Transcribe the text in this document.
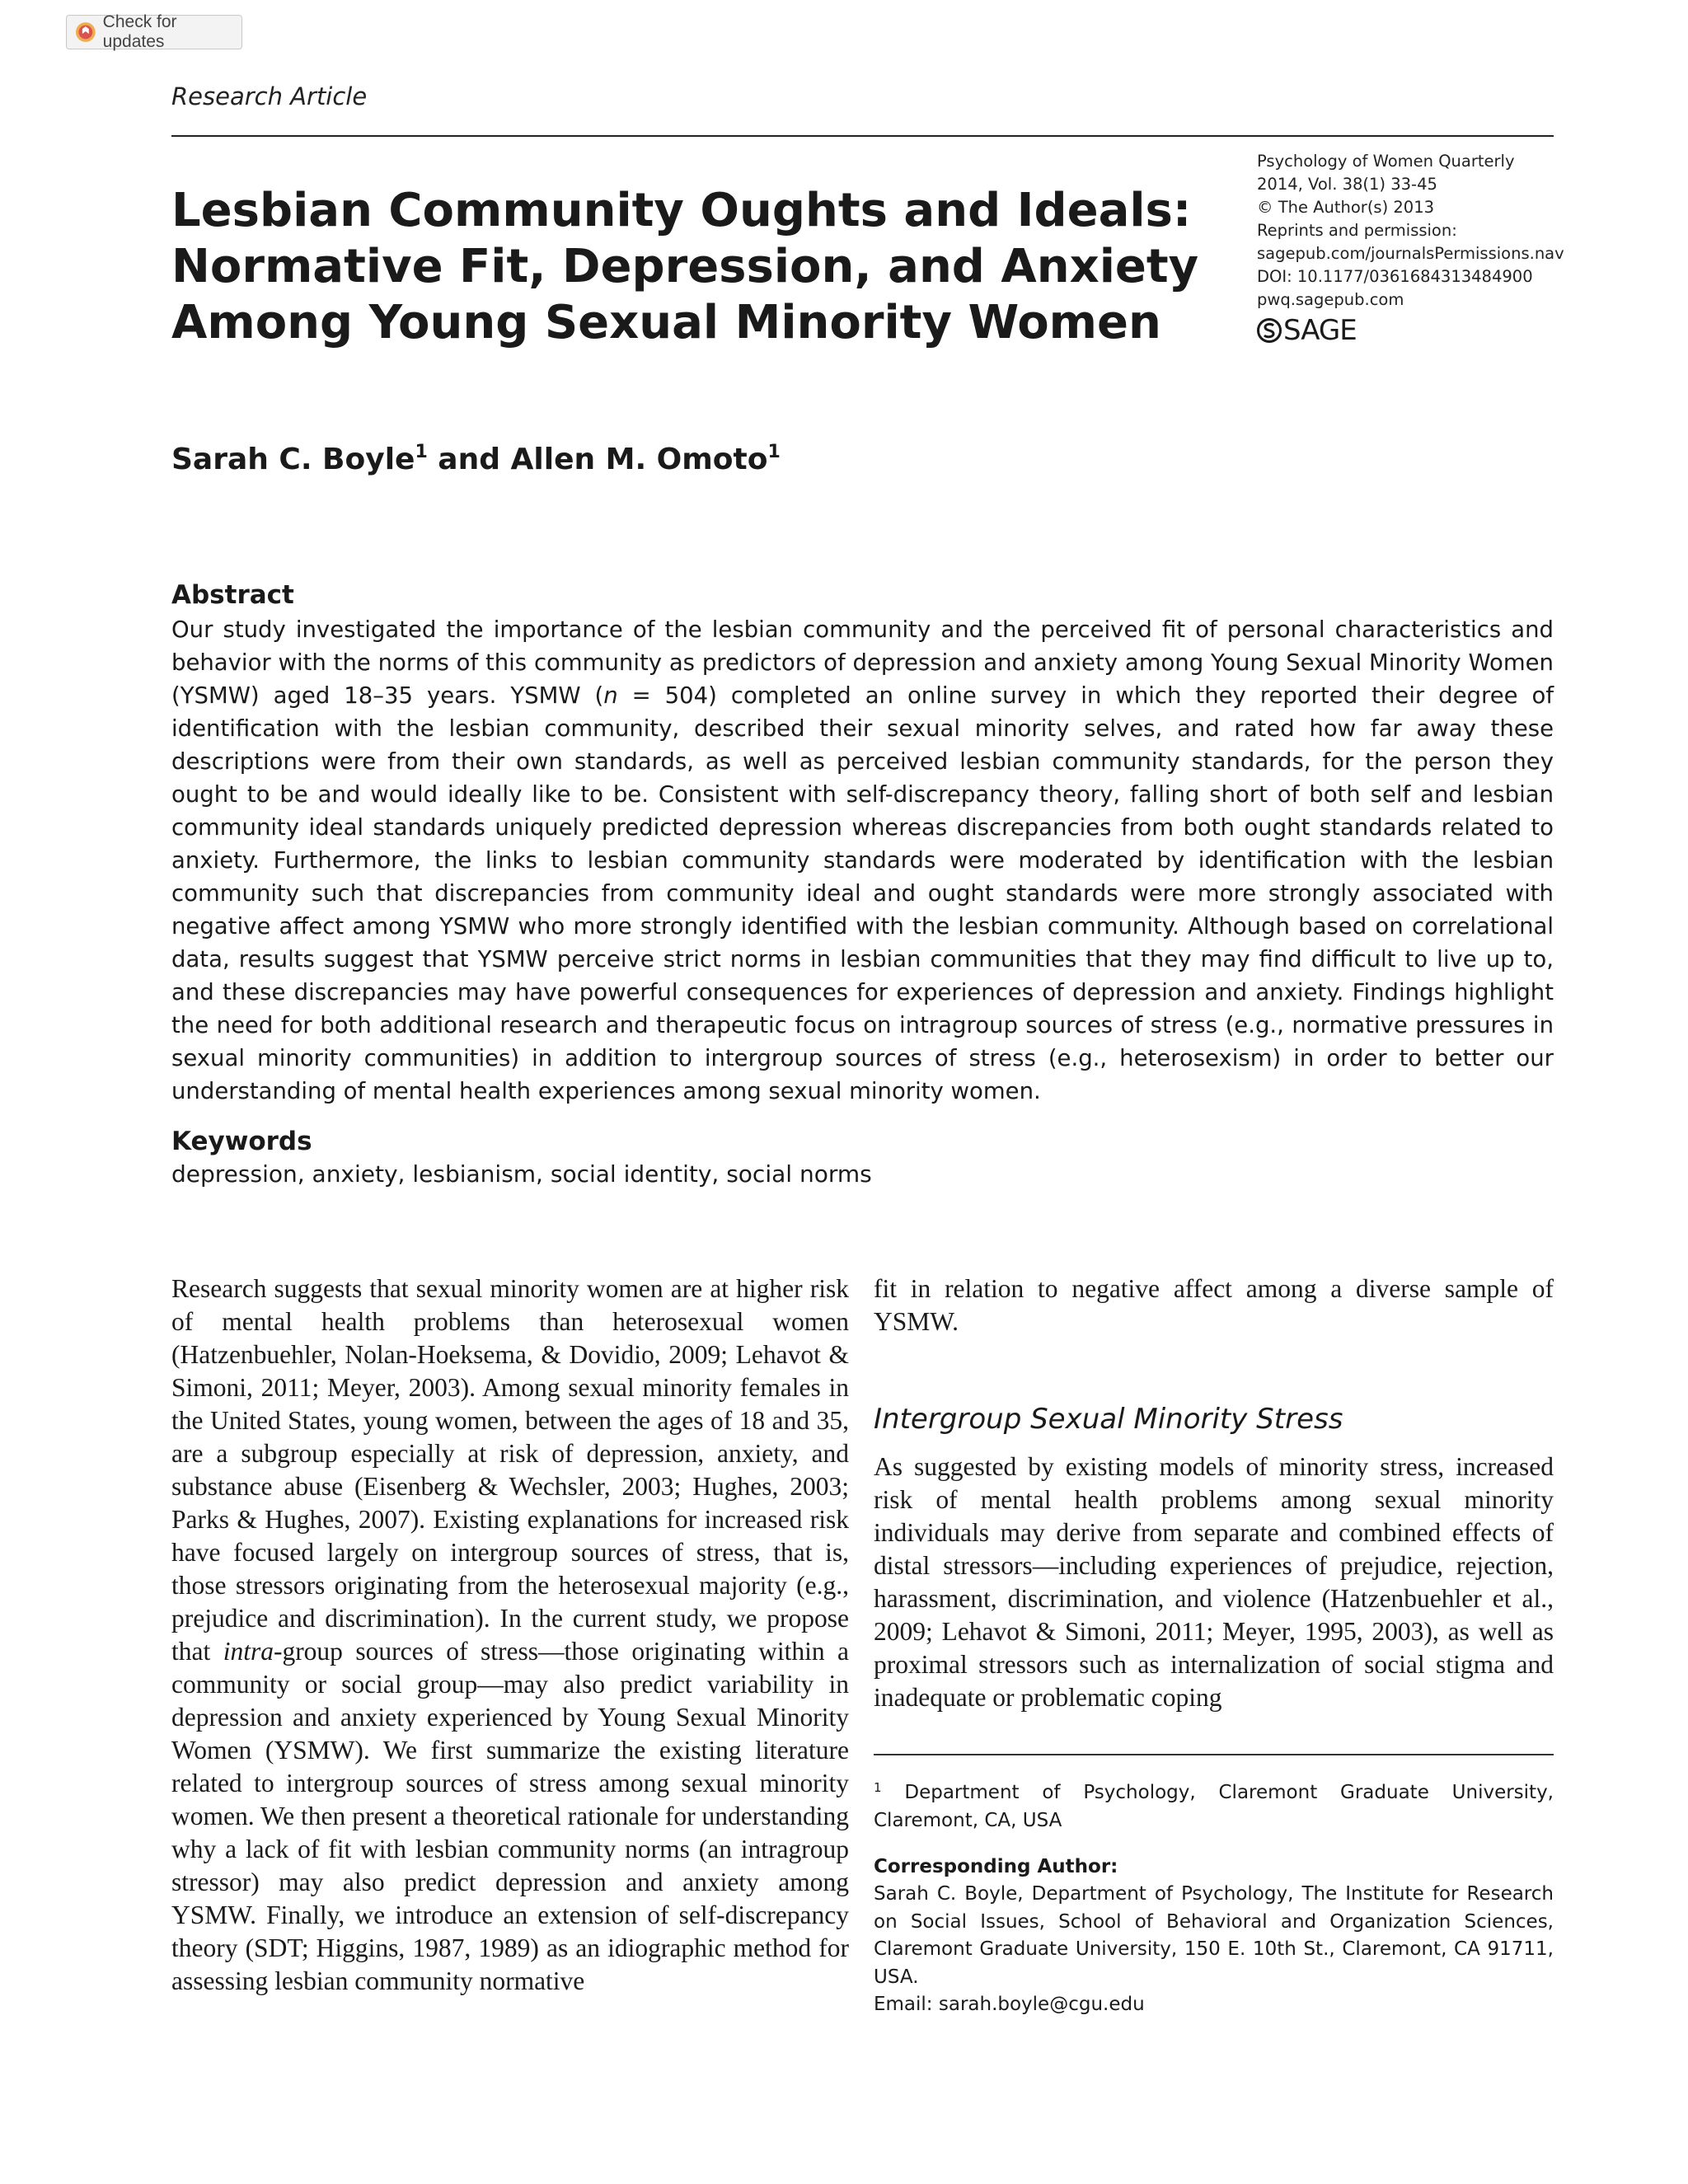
Check for updates
Research Article
Lesbian Community Oughts and Ideals:
Normative Fit, Depression, and Anxiety
Among Young Sexual Minority Women
Psychology of Women Quarterly
2014, Vol. 38(1) 33-45
© The Author(s) 2013
Reprints and permission:
sagepub.com/journalsPermissions.nav
DOI: 10.1177/0361684313484900
pwq.sagepub.com
SAGE
Sarah C. Boyle$^1$ and Allen M. Omoto$^1$
Abstract

Our study investigated the importance of the lesbian community and the perceived fit of personal characteristics and behavior with the norms of this community as predictors of depression and anxiety among Young Sexual Minority Women (YSMW) aged 18–35 years. YSMW (n = 504) completed an online survey in which they reported their degree of identification with the lesbian community, described their sexual minority selves, and rated how far away these descriptions were from their own standards, as well as perceived lesbian community standards, for the person they ought to be and would ideally like to be. Consistent with self-discrepancy theory, falling short of both self and lesbian community ideal standards uniquely predicted depression whereas discrepancies from both ought standards related to anxiety. Furthermore, the links to lesbian community standards were moderated by identification with the lesbian community such that discrepancies from community ideal and ought standards were more strongly associated with negative affect among YSMW who more strongly identified with the lesbian community. Although based on correlational data, results suggest that YSMW perceive strict norms in lesbian communities that they may find difficult to live up to, and these discrepancies may have powerful consequences for experiences of depression and anxiety. Findings highlight the need for both additional research and therapeutic focus on intragroup sources of stress (e.g., normative pressures in sexual minority communities) in addition to intergroup sources of stress (e.g., heterosexism) in order to better our understanding of mental health experiences among sexual minority women.

Keywords
depression, anxiety, lesbianism, social identity, social norms

Research suggests that sexual minority women are at higher risk of mental health problems than heterosexual women (Hatzenbuehler, Nolan-Hoeksema, & Dovidio, 2009; Lehavot & Simoni, 2011; Meyer, 2003). Among sexual minority females in the United States, young women, between the ages of 18 and 35, are a subgroup especially at risk of depression, anxiety, and substance abuse (Eisenberg & Wechsler, 2003; Hughes, 2003; Parks & Hughes, 2007). Existing explanations for increased risk have focused largely on intergroup sources of stress, that is, those stressors originating from the heterosexual majority (e.g., prejudice and discrimination). In the current study, we propose that intra-group sources of stress—those originating within a community or social group—may also predict variability in depression and anxiety experienced by Young Sexual Minority Women (YSMW). We first summarize the existing literature related to intergroup sources of stress among sexual minority women. We then present a theoretical rationale for understanding why a lack of fit with lesbian community norms (an intragroup stressor) may also predict depression and anxiety among YSMW. Finally, we introduce an extension of self-discrepancy theory (SDT; Higgins, 1987, 1989) as an idiographic method for assessing lesbian community normative

fit in relation to negative affect among a diverse sample of YSMW.

Intergroup Sexual Minority Stress

As suggested by existing models of minority stress, increased risk of mental health problems among sexual minority individuals may derive from separate and combined effects of distal stressors—including experiences of prejudice, rejection, harassment, discrimination, and violence (Hatzenbuehler et al., 2009; Lehavot & Simoni, 2011; Meyer, 1995, 2003), as well as proximal stressors such as internalization of social stigma and inadequate or problematic coping

$^1$ Department of Psychology, Claremont Graduate University, Claremont, CA, USA
Corresponding Author:
Sarah C. Boyle, Department of Psychology, The Institute for Research on Social Issues, School of Behavioral and Organization Sciences, Claremont Graduate University, 150 E. 10th St., Claremont, CA 91711, USA.
Email: sarah.boyle@cgu.edu
